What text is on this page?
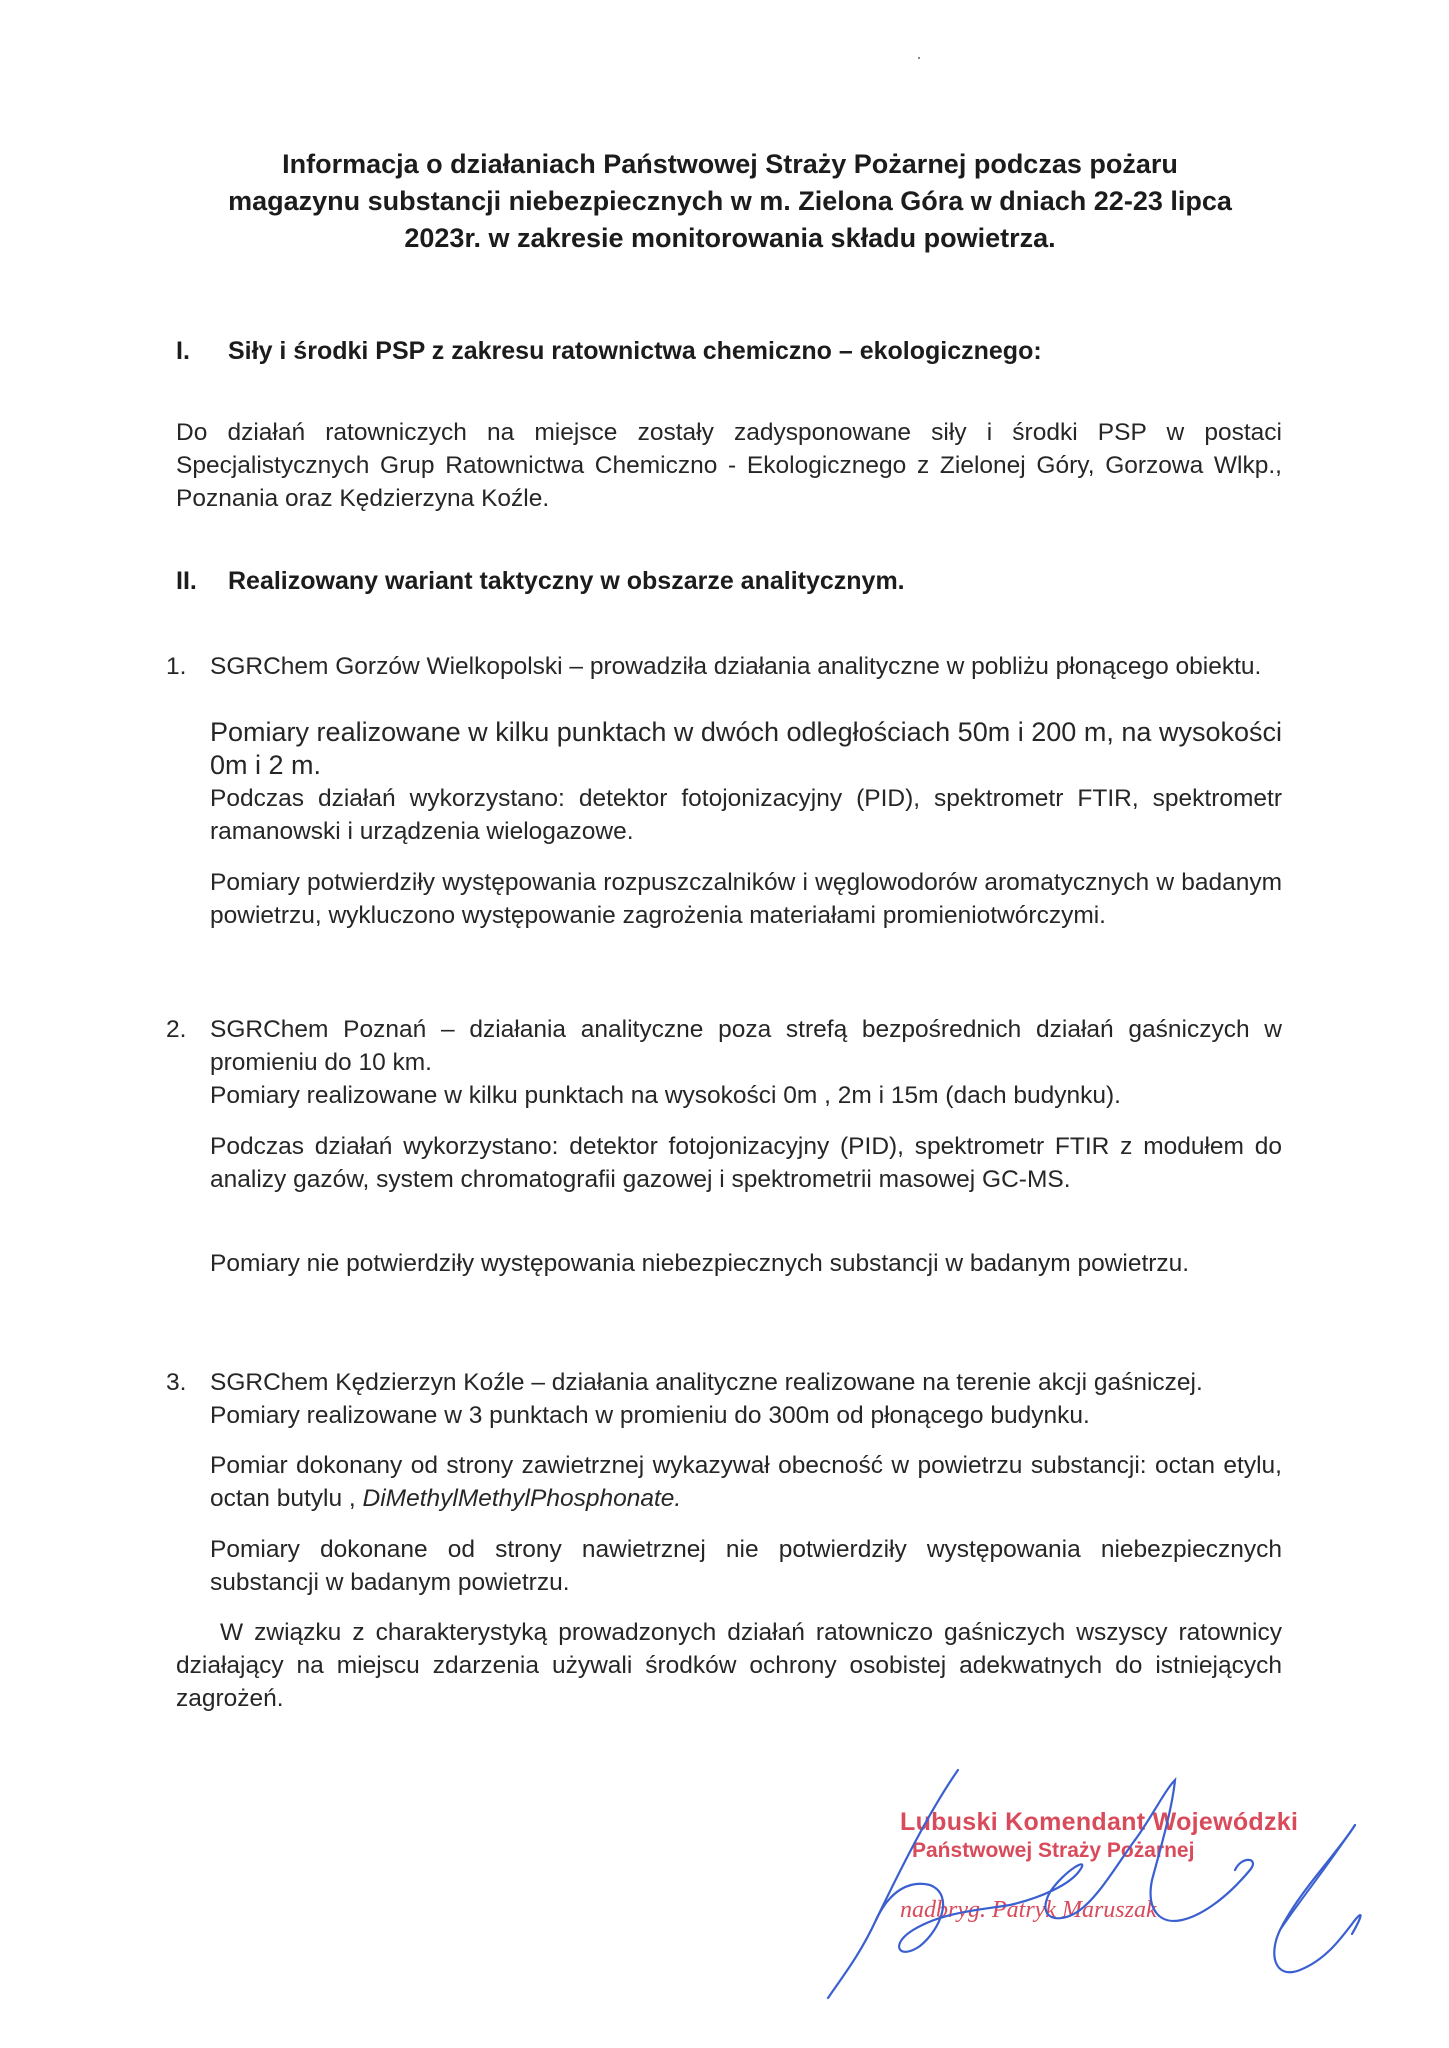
Informacja o działaniach Państwowej Straży Pożarnej podczas pożaru
magazynu substancji niebezpiecznych w m. Zielona Góra w dniach 22-23 lipca
2023r. w zakresie monitorowania składu powietrza.
I. Siły i środki PSP z zakresu ratownictwa chemiczno – ekologicznego:
Do działań ratowniczych na miejsce zostały zadysponowane siły i środki PSP w postaci Specjalistycznych Grup Ratownictwa Chemiczno - Ekologicznego z Zielonej Góry, Gorzowa Wlkp., Poznania oraz Kędzierzyna Koźle.
II. Realizowany wariant taktyczny w obszarze analitycznym.
1. SGRChem Gorzów Wielkopolski – prowadziła działania analityczne w pobliżu płonącego obiektu.
Pomiary realizowane w kilku punktach w dwóch odległościach 50m i 200 m, na wysokości 0m i 2 m.
Podczas działań wykorzystano: detektor fotojonizacyjny (PID), spektrometr FTIR, spektrometr ramanowski i urządzenia wielogazowe.
Pomiary potwierdziły występowania rozpuszczalników i węglowodorów aromatycznych w badanym powietrzu, wykluczono występowanie zagrożenia materiałami promieniotwórczymi.
2. SGRChem Poznań – działania analityczne poza strefą bezpośrednich działań gaśniczych w promieniu do 10 km.
Pomiary realizowane w kilku punktach na wysokości 0m , 2m i 15m (dach budynku).
Podczas działań wykorzystano: detektor fotojonizacyjny (PID), spektrometr FTIR z modułem do analizy gazów, system chromatografii gazowej i spektrometrii masowej GC-MS.
Pomiary nie potwierdziły występowania niebezpiecznych substancji w badanym powietrzu.
3. SGRChem Kędzierzyn Koźle – działania analityczne realizowane na terenie akcji gaśniczej.
Pomiary realizowane w 3 punktach w promieniu do 300m od płonącego budynku.
Pomiar dokonany od strony zawietrznej wykazywał obecność w powietrzu substancji: octan etylu, octan butylu , DiMethylMethylPhosphonate.
Pomiary dokonane od strony nawietrznej nie potwierdziły występowania niebezpiecznych substancji w badanym powietrzu.
W związku z charakterystyką prowadzonych działań ratowniczo gaśniczych wszyscy ratownicy działający na miejscu zdarzenia używali środków ochrony osobistej adekwatnych do istniejących zagrożeń.
Lubuski Komendant Wojewódzki
Państwowej Straży Pożarnej
nadbryg. Patryk Maruszak
